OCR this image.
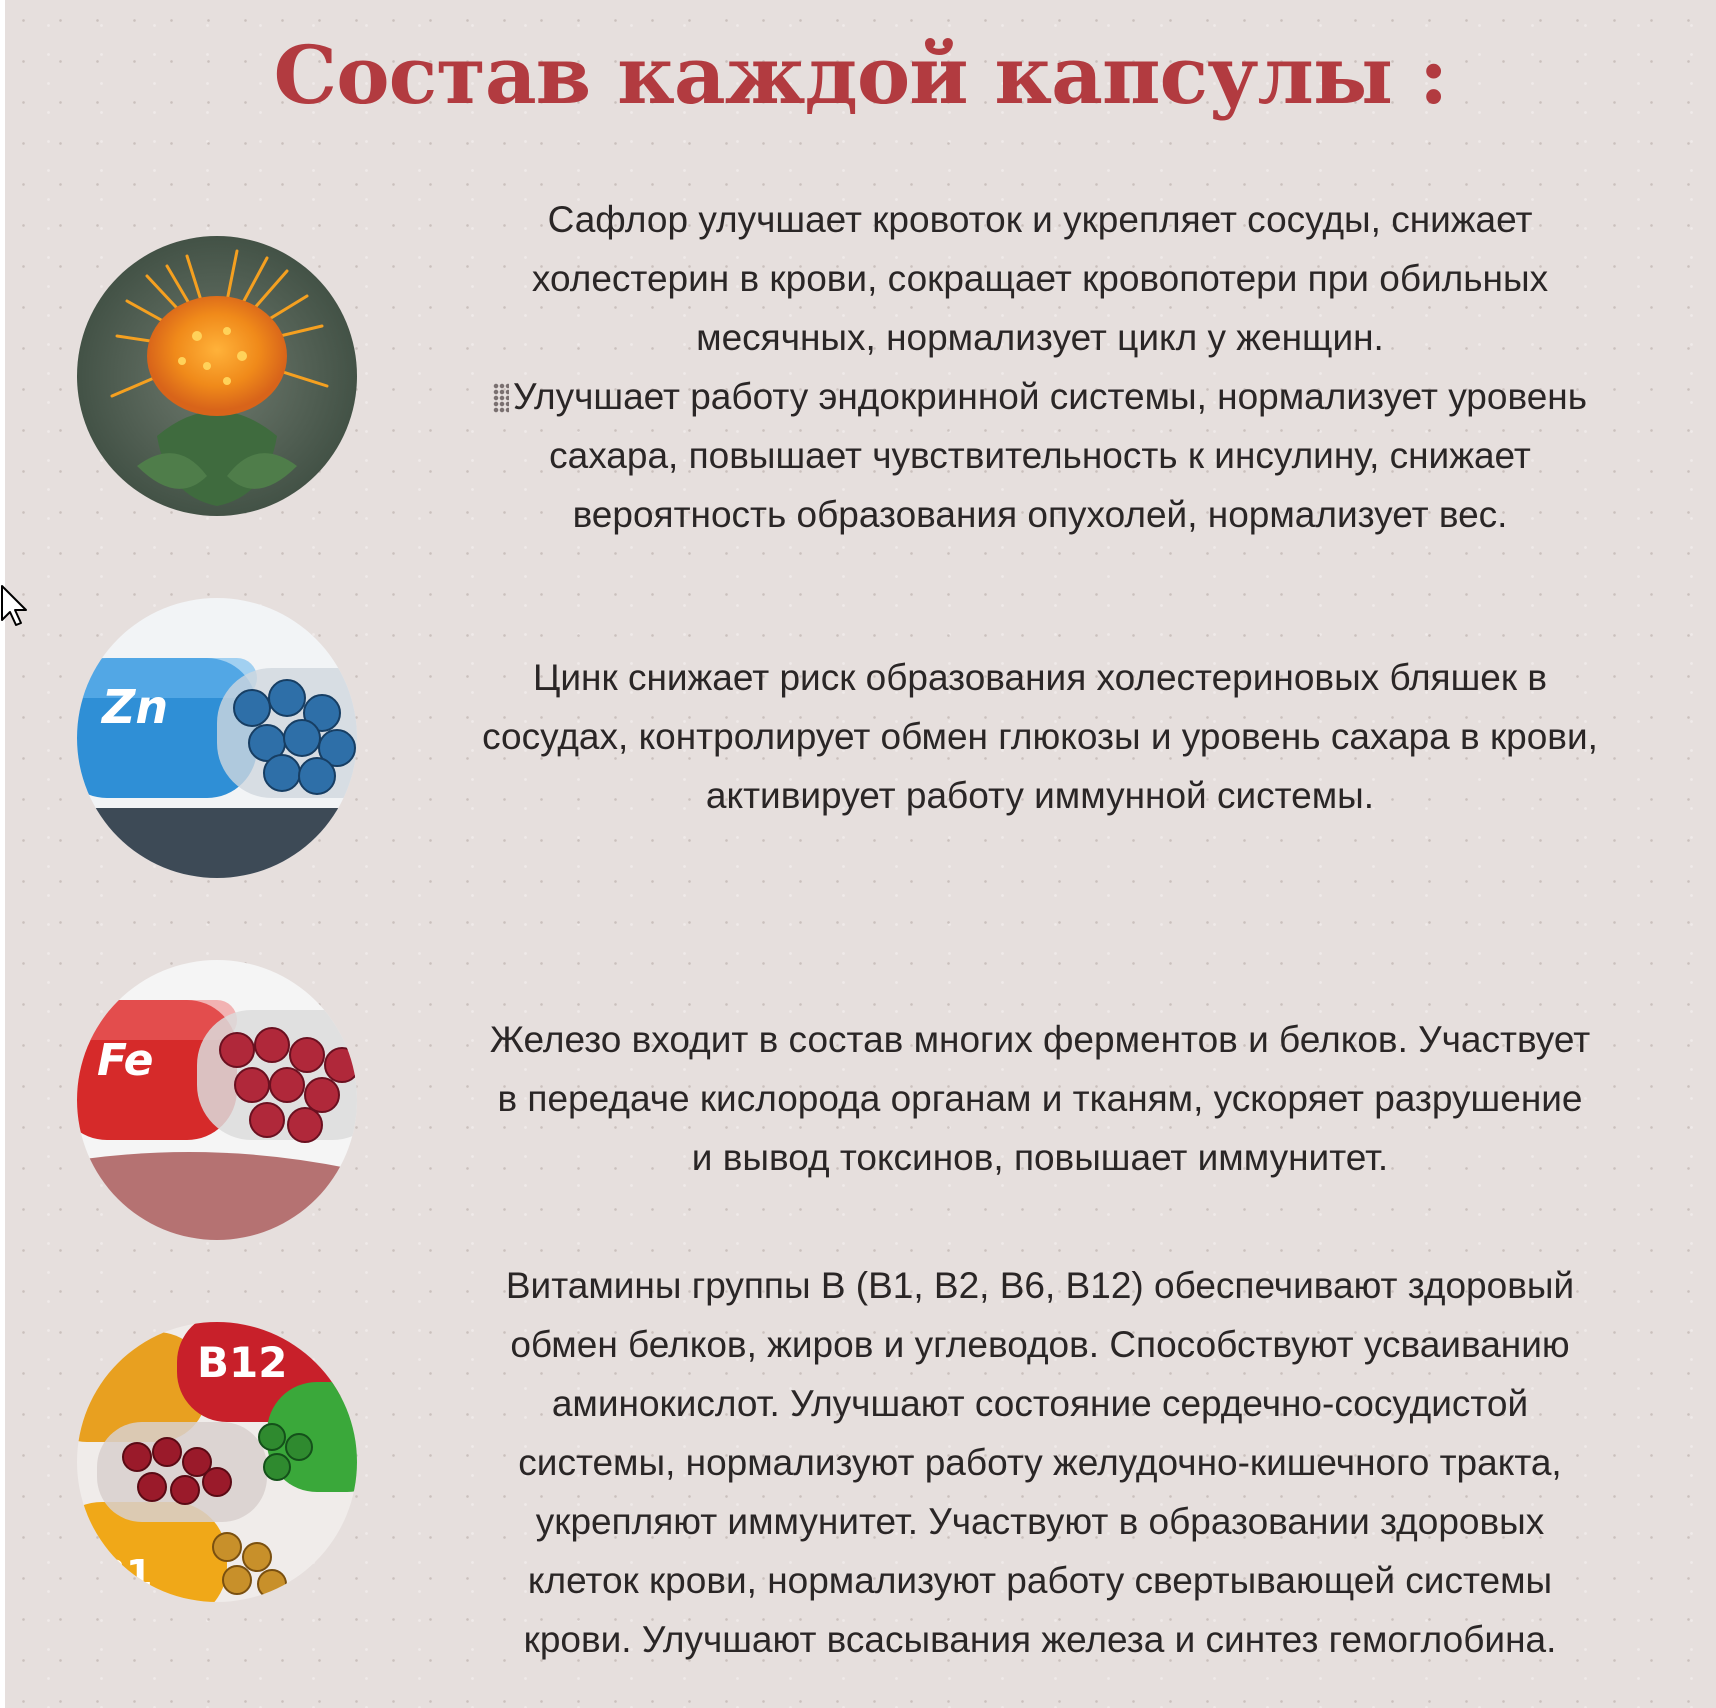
Состав каждой капсулы :
Сафлор улучшает кровоток и укрепляет сосуды, снижает
холестерин в крови, сокращает кровопотери при обильных
месячных, нормализует цикл у женщин.
Улучшает работу эндокринной системы, нормализует уровень
сахара, повышает чувствительность к инсулину, снижает
вероятность образования опухолей, нормализует вес.
Zn
Цинк снижает риск образования холестериновых бляшек в
сосудах, контролирует обмен глюкозы и уровень сахара в крови,
активирует работу иммунной системы.
Fe	Железо входит в состав многих ферментов и белков. Участвует
в передаче кислорода органам и тканям, ускоряет разрушение
и вывод токсинов, повышает иммунитет.
B12
B1
Витамины группы В (В1, В2, В6, В12) обеспечивают здоровый
обмен белков, жиров и углеводов. Способствуют усваиванию
аминокислот. Улучшают состояние сердечно-сосудистой
системы, нормализуют работу желудочно-кишечного тракта,
укрепляют иммунитет. Участвуют в образовании здоровых
клеток крови, нормализуют работу свертывающей системы
крови. Улучшают всасывания железа и синтез гемоглобина.
